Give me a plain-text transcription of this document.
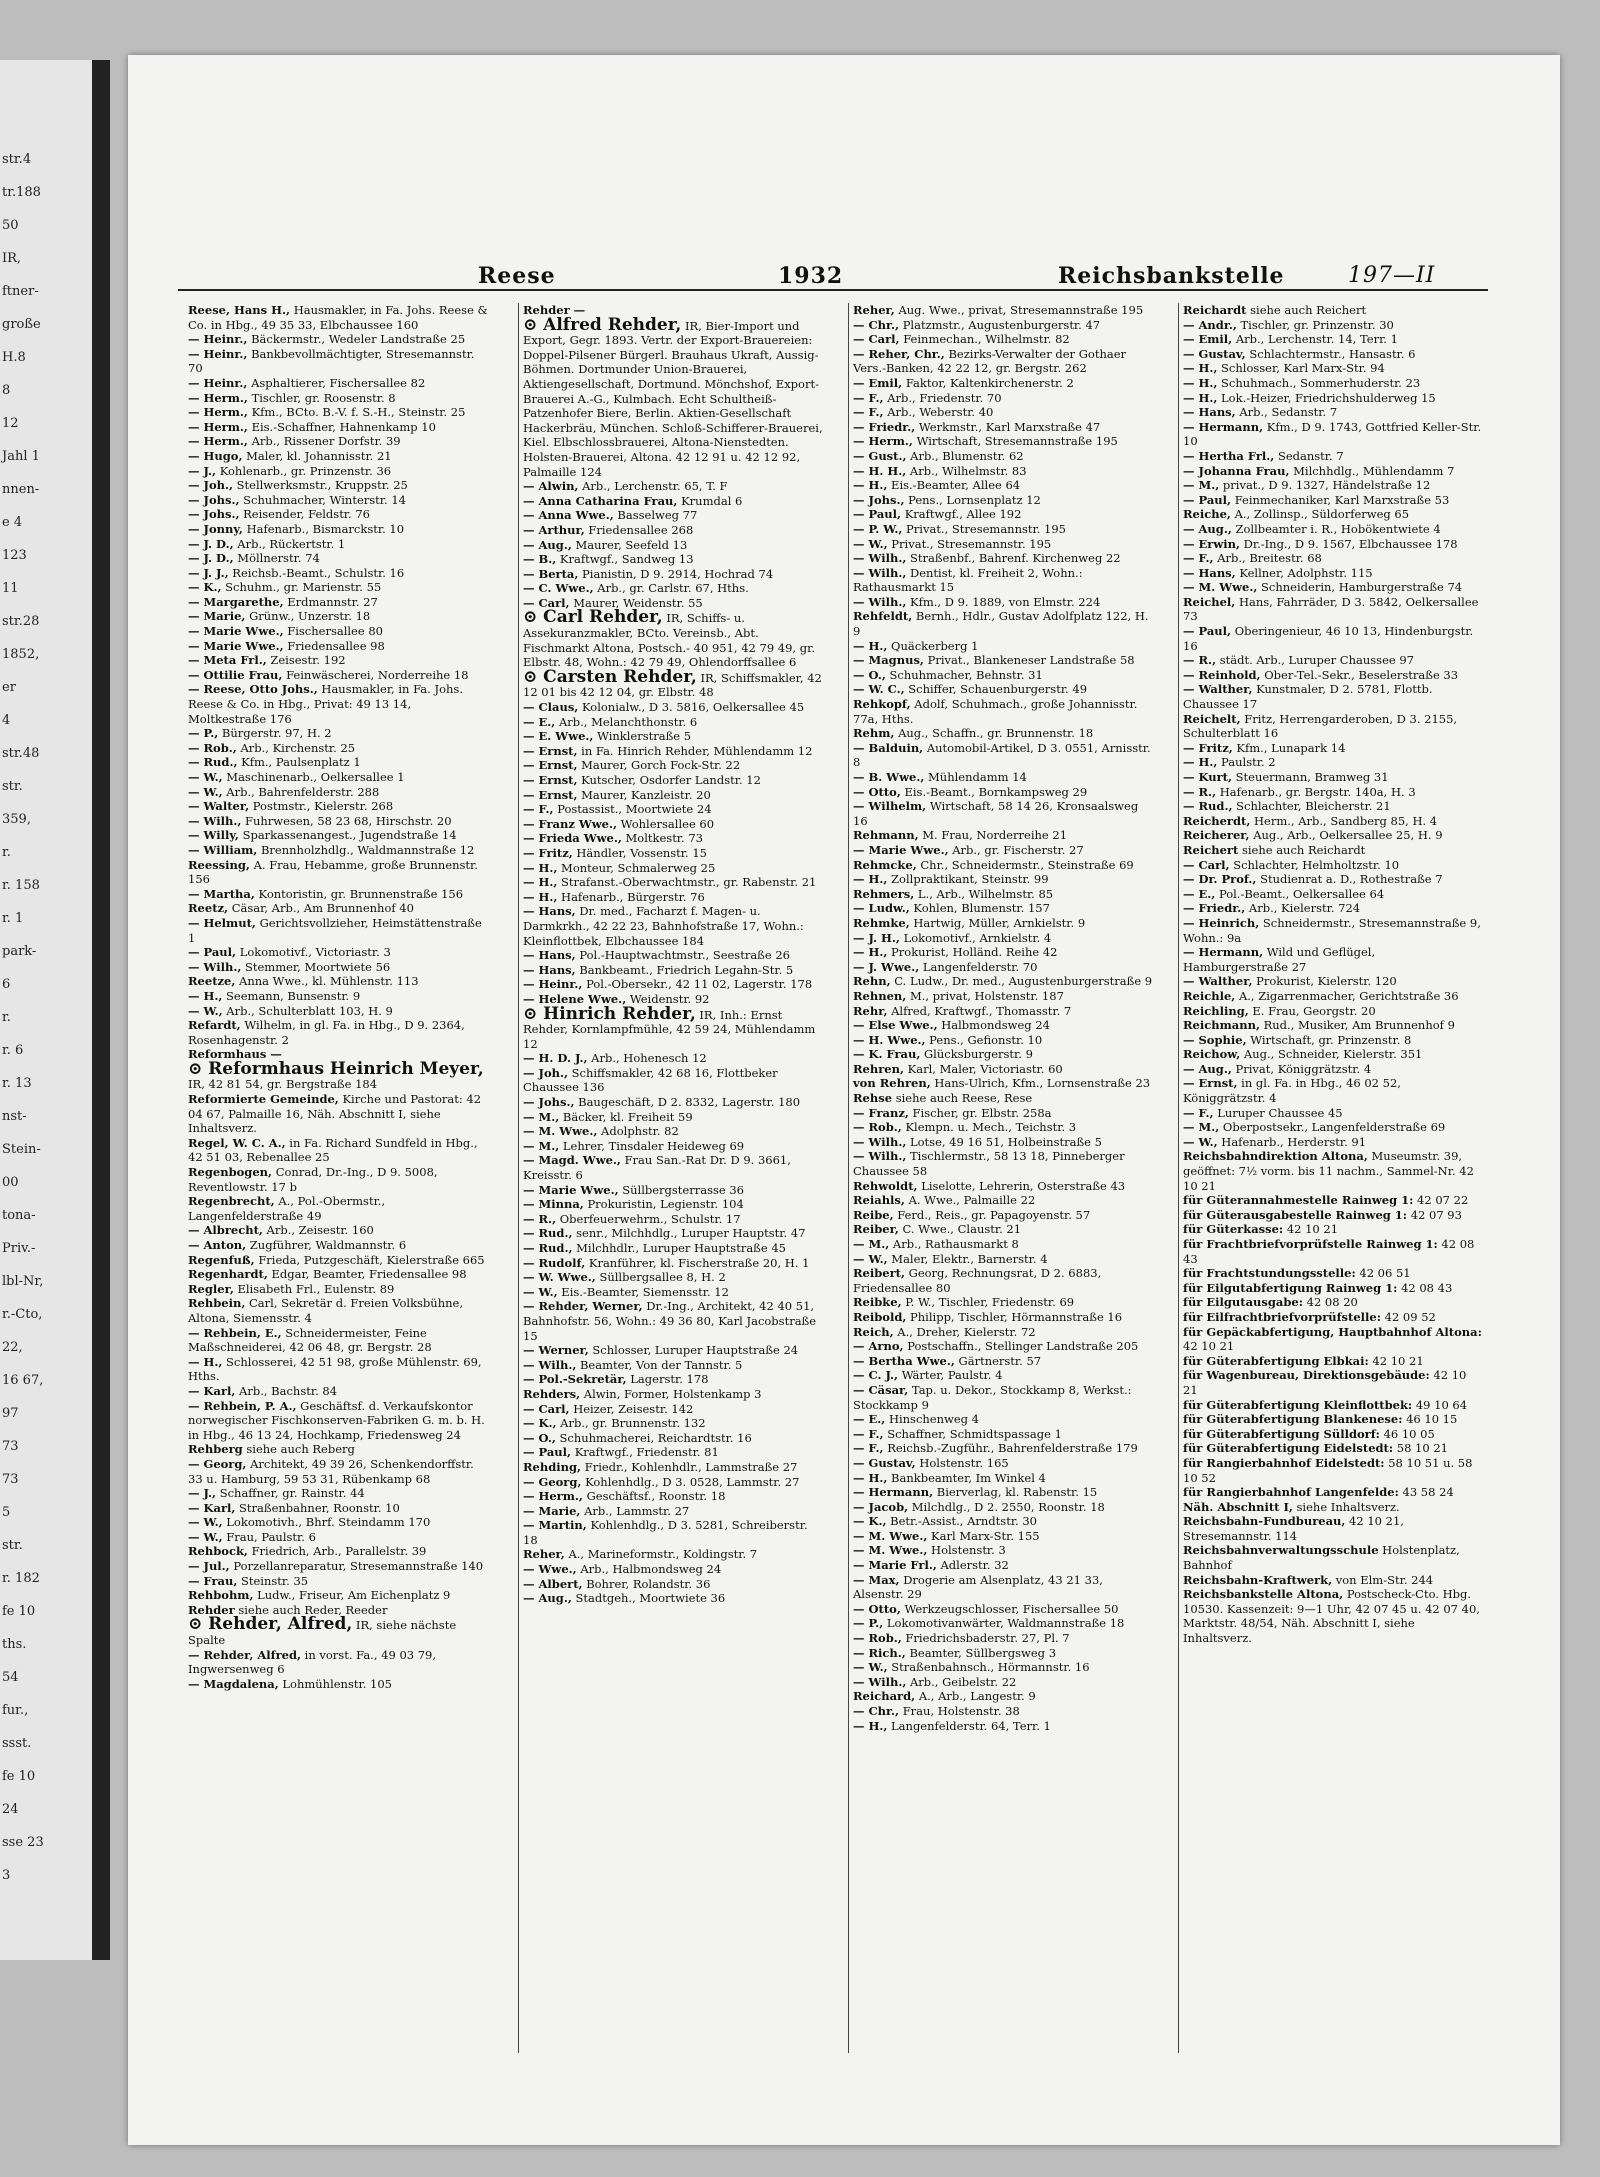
str.4
tr.188
50
IR,
ftner-
große
H.8
8
12
Jahl 1
nnen-
e 4
123
11
str.28
1852,
er
4
str.48
str.
359,
r.
r. 158
r. 1
park-
6
r.
r. 6
r. 13
nst-
Stein-
00
tona-
Priv.-
lbl-Nr,
r.-Cto,
22,
16 67,
97
73
73
5
str.
r. 182
fe 10
ths.
54
fur.,
ssst.
fe 10
24
sse 23
3
Reese	1932	Reichsbankstelle	197—II
Reese, Hans H., Hausmakler, in Fa. Johs. Reese & Co. in Hbg., 49 35 33, Elbchaussee 160
— Heinr., Bäckermstr., Wedeler Landstraße 25
— Heinr., Bankbevollmächtigter, Stresemannstr. 70
— Heinr., Asphaltierer, Fischersallee 82
— Herm., Tischler, gr. Roosenstr. 8
— Herm., Kfm., BCto. B.-V. f. S.-H., Steinstr. 25
— Herm., Eis.-Schaffner, Hahnenkamp 10
— Herm., Arb., Rissener Dorfstr. 39
— Hugo, Maler, kl. Johannisstr. 21
— J., Kohlenarb., gr. Prinzenstr. 36
— Joh., Stellwerksmstr., Kruppstr. 25
— Johs., Schuhmacher, Winterstr. 14
— Johs., Reisender, Feldstr. 76
— Jonny, Hafenarb., Bismarckstr. 10
— J. D., Arb., Rückertstr. 1
— J. D., Möllnerstr. 74
— J. J., Reichsb.-Beamt., Schulstr. 16
— K., Schuhm., gr. Marienstr. 55
— Margarethe, Erdmannstr. 27
— Marie, Grünw., Unzerstr. 18
— Marie Wwe., Fischersallee 80
— Marie Wwe., Friedensallee 98
— Meta Frl., Zeisestr. 192
— Ottilie Frau, Feinwäscherei, Norderreihe 18
— Reese, Otto Johs., Hausmakler, in Fa. Johs. Reese & Co. in Hbg., Privat: 49 13 14, Moltkestraße 176
— P., Bürgerstr. 97, H. 2
— Rob., Arb., Kirchenstr. 25
— Rud., Kfm., Paulsenplatz 1
— W., Maschinenarb., Oelkersallee 1
— W., Arb., Bahrenfelderstr. 288
— Walter, Postmstr., Kielerstr. 268
— Wilh., Fuhrwesen, 58 23 68, Hirschstr. 20
— Willy, Sparkassenangest., Jugendstraße 14
— William, Brennholzhdlg., Waldmannstraße 12
Reessing, A. Frau, Hebamme, große Brunnenstr. 156
— Martha, Kontoristin, gr. Brunnenstraße 156
Reetz, Cäsar, Arb., Am Brunnenhof 40
— Helmut, Gerichtsvollzieher, Heimstättenstraße 1
— Paul, Lokomotivf., Victoriastr. 3
— Wilh., Stemmer, Moortwiete 56
Reetze, Anna Wwe., kl. Mühlenstr. 113
— H., Seemann, Bunsenstr. 9
— W., Arb., Schulterblatt 103, H. 9
Refardt, Wilhelm, in gl. Fa. in Hbg., D 9. 2364, Rosenhagenstr. 2
Reformhaus —
⊙ Reformhaus Heinrich Meyer, IR, 42 81 54, gr. Bergstraße 184
Reformierte Gemeinde, Kirche und Pastorat: 42 04 67, Palmaille 16, Näh. Abschnitt I, siehe Inhaltsverz.
Regel, W. C. A., in Fa. Richard Sundfeld in Hbg., 42 51 03, Rebenallee 25
Regenbogen, Conrad, Dr.-Ing., D 9. 5008, Reventlowstr. 17 b
Regenbrecht, A., Pol.-Obermstr., Langenfelderstraße 49
— Albrecht, Arb., Zeisestr. 160
— Anton, Zugführer, Waldmannstr. 6
Regenfuß, Frieda, Putzgeschäft, Kielerstraße 665
Regenhardt, Edgar, Beamter, Friedensallee 98
Regler, Elisabeth Frl., Eulenstr. 89
Rehbein, Carl, Sekretär d. Freien Volksbühne, Altona, Siemensstr. 4
— Rehbein, E., Schneidermeister, Feine Maßschneiderei, 42 06 48, gr. Bergstr. 28
— H., Schlosserei, 42 51 98, große Mühlenstr. 69, Hths.
— Karl, Arb., Bachstr. 84
— Rehbein, P. A., Geschäftsf. d. Verkaufskontor norwegischer Fischkonserven-Fabriken G. m. b. H. in Hbg., 46 13 24, Hochkamp, Friedensweg 24
Rehberg siehe auch Reberg
— Georg, Architekt, 49 39 26, Schenkendorffstr. 33 u. Hamburg, 59 53 31, Rübenkamp 68
— J., Schaffner, gr. Rainstr. 44
— Karl, Straßenbahner, Roonstr. 10
— W., Lokomotivh., Bhrf. Steindamm 170
— W., Frau, Paulstr. 6
Rehbock, Friedrich, Arb., Parallelstr. 39
— Jul., Porzellanreparatur, Stresemannstraße 140
— Frau, Steinstr. 35
Rehbohm, Ludw., Friseur, Am Eichenplatz 9
Rehder siehe auch Reder, Reeder
⊙ Rehder, Alfred, IR, siehe nächste Spalte
— Rehder, Alfred, in vorst. Fa., 49 03 79, Ingwersenweg 6
— Magdalena, Lohmühlenstr. 105
Rehder —
⊙ Alfred Rehder, IR, Bier-Import und Export, Gegr. 1893. Vertr. der Export-Brauereien: Doppel-Pilsener Bürgerl. Brauhaus Ukraft, Aussig-Böhmen. Dortmunder Union-Brauerei, Aktiengesellschaft, Dortmund. Mönchshof, Export-Brauerei A.-G., Kulmbach. Echt Schultheiß-Patzenhofer Biere, Berlin. Aktien-Gesellschaft Hackerbräu, München. Schloß-Schifferer-Brauerei, Kiel. Elbschlossbrauerei, Altona-Nienstedten. Holsten-Brauerei, Altona. 42 12 91 u. 42 12 92, Palmaille 124
— Alwin, Arb., Lerchenstr. 65, T. F
— Anna Catharina Frau, Krumdal 6
— Anna Wwe., Basselweg 77
— Arthur, Friedensallee 268
— Aug., Maurer, Seefeld 13
— B., Kraftwgf., Sandweg 13
— Berta, Pianistin, D 9. 2914, Hochrad 74
— C. Wwe., Arb., gr. Carlstr. 67, Hths.
— Carl, Maurer, Weidenstr. 55
⊙ Carl Rehder, IR, Schiffs- u. Assekuranzmakler, BCto. Vereinsb., Abt. Fischmarkt Altona, Postsch.- 40 951, 42 79 49, gr. Elbstr. 48, Wohn.: 42 79 49, Ohlendorffsallee 6
⊙ Carsten Rehder, IR, Schiffsmakler, 42 12 01 bis 42 12 04, gr. Elbstr. 48
— Claus, Kolonialw., D 3. 5816, Oelkersallee 45
— E., Arb., Melanchthonstr. 6
— E. Wwe., Winklerstraße 5
— Ernst, in Fa. Hinrich Rehder, Mühlendamm 12
— Ernst, Maurer, Gorch Fock-Str. 22
— Ernst, Kutscher, Osdorfer Landstr. 12
— Ernst, Maurer, Kanzleistr. 20
— F., Postassist., Moortwiete 24
— Franz Wwe., Wohlersallee 60
— Frieda Wwe., Moltkestr. 73
— Fritz, Händler, Vossenstr. 15
— H., Monteur, Schmalerweg 25
— H., Strafanst.-Oberwachtmstr., gr. Rabenstr. 21
— H., Hafenarb., Bürgerstr. 76
— Hans, Dr. med., Facharzt f. Magen- u. Darmkrkh., 42 22 23, Bahnhofstraße 17, Wohn.: Kleinflottbek, Elbchaussee 184
— Hans, Pol.-Hauptwachtmstr., Seestraße 26
— Hans, Bankbeamt., Friedrich Legahn-Str. 5
— Heinr., Pol.-Obersekr., 42 11 02, Lagerstr. 178
— Helene Wwe., Weidenstr. 92
⊙ Hinrich Rehder, IR, Inh.: Ernst Rehder, Kornlampfmühle, 42 59 24, Mühlendamm 12
— H. D. J., Arb., Hohenesch 12
— Joh., Schiffsmakler, 42 68 16, Flottbeker Chaussee 136
— Johs., Baugeschäft, D 2. 8332, Lagerstr. 180
— M., Bäcker, kl. Freiheit 59
— M. Wwe., Adolphstr. 82
— M., Lehrer, Tinsdaler Heideweg 69
— Magd. Wwe., Frau San.-Rat Dr. D 9. 3661, Kreisstr. 6
— Marie Wwe., Süllbergsterrasse 36
— Minna, Prokuristin, Legienstr. 104
— R., Oberfeuerwehrm., Schulstr. 17
— Rud., senr., Milchhdlg., Luruper Hauptstr. 47
— Rud., Milchhdlr., Luruper Hauptstraße 45
— Rudolf, Kranführer, kl. Fischerstraße 20, H. 1
— W. Wwe., Süllbergsallee 8, H. 2
— W., Eis.-Beamter, Siemensstr. 12
— Rehder, Werner, Dr.-Ing., Architekt, 42 40 51, Bahnhofstr. 56, Wohn.: 49 36 80, Karl Jacobstraße 15
— Werner, Schlosser, Luruper Hauptstraße 24
— Wilh., Beamter, Von der Tannstr. 5
— Pol.-Sekretär, Lagerstr. 178
Rehders, Alwin, Former, Holstenkamp 3
— Carl, Heizer, Zeisestr. 142
— K., Arb., gr. Brunnenstr. 132
— O., Schuhmacherei, Reichardtstr. 16
— Paul, Kraftwgf., Friedenstr. 81
Rehding, Friedr., Kohlenhdlr., Lammstraße 27
— Georg, Kohlenhdlg., D 3. 0528, Lammstr. 27
— Herm., Geschäftsf., Roonstr. 18
— Marie, Arb., Lammstr. 27
— Martin, Kohlenhdlg., D 3. 5281, Schreiberstr. 18
Reher, A., Marineformstr., Koldingstr. 7
— Wwe., Arb., Halbmondsweg 24
— Albert, Bohrer, Rolandstr. 36
— Aug., Stadtgeh., Moortwiete 36
Reher, Aug. Wwe., privat, Stresemannstraße 195
— Chr., Platzmstr., Augustenburgerstr. 47
— Carl, Feinmechan., Wilhelmstr. 82
— Reher, Chr., Bezirks-Verwalter der Gothaer Vers.-Banken, 42 22 12, gr. Bergstr. 262
— Emil, Faktor, Kaltenkirchenerstr. 2
— F., Arb., Friedenstr. 70
— F., Arb., Weberstr. 40
— Friedr., Werkmstr., Karl Marxstraße 47
— Herm., Wirtschaft, Stresemannstraße 195
— Gust., Arb., Blumenstr. 62
— H. H., Arb., Wilhelmstr. 83
— H., Eis.-Beamter, Allee 64
— Johs., Pens., Lornsenplatz 12
— Paul, Kraftwgf., Allee 192
— P. W., Privat., Stresemannstr. 195
— W., Privat., Stresemannstr. 195
— Wilh., Straßenbf., Bahrenf. Kirchenweg 22
— Wilh., Dentist, kl. Freiheit 2, Wohn.: Rathausmarkt 15
— Wilh., Kfm., D 9. 1889, von Elmstr. 224
Rehfeldt, Bernh., Hdlr., Gustav Adolfplatz 122, H. 9
— H., Quäckerberg 1
— Magnus, Privat., Blankeneser Landstraße 58
— O., Schuhmacher, Behnstr. 31
— W. C., Schiffer, Schauenburgerstr. 49
Rehkopf, Adolf, Schuhmach., große Johannisstr. 77a, Hths.
Rehm, Aug., Schaffn., gr. Brunnenstr. 18
— Balduin, Automobil-Artikel, D 3. 0551, Arnisstr. 8
— B. Wwe., Mühlendamm 14
— Otto, Eis.-Beamt., Bornkampsweg 29
— Wilhelm, Wirtschaft, 58 14 26, Kronsaalsweg 16
Rehmann, M. Frau, Norderreihe 21
— Marie Wwe., Arb., gr. Fischerstr. 27
Rehmcke, Chr., Schneidermstr., Steinstraße 69
— H., Zollpraktikant, Steinstr. 99
Rehmers, L., Arb., Wilhelmstr. 85
— Ludw., Kohlen, Blumenstr. 157
Rehmke, Hartwig, Müller, Arnkielstr. 9
— J. H., Lokomotivf., Arnkielstr. 4
— H., Prokurist, Holländ. Reihe 42
— J. Wwe., Langenfelderstr. 70
Rehn, C. Ludw., Dr. med., Augustenburgerstraße 9
Rehnen, M., privat, Holstenstr. 187
Rehr, Alfred, Kraftwgf., Thomasstr. 7
— Else Wwe., Halbmondsweg 24
— H. Wwe., Pens., Gefionstr. 10
— K. Frau, Glücksburgerstr. 9
Rehren, Karl, Maler, Victoriastr. 60
von Rehren, Hans-Ulrich, Kfm., Lornsenstraße 23
Rehse siehe auch Reese, Rese
— Franz, Fischer, gr. Elbstr. 258a
— Rob., Klempn. u. Mech., Teichstr. 3
— Wilh., Lotse, 49 16 51, Holbeinstraße 5
— Wilh., Tischlermstr., 58 13 18, Pinneberger Chaussee 58
Rehwoldt, Liselotte, Lehrerin, Osterstraße 43
Reiahls, A. Wwe., Palmaille 22
Reibe, Ferd., Reis., gr. Papagoyenstr. 57
Reiber, C. Wwe., Claustr. 21
— M., Arb., Rathausmarkt 8
— W., Maler, Elektr., Barnerstr. 4
Reibert, Georg, Rechnungsrat, D 2. 6883, Friedensallee 80
Reibke, P. W., Tischler, Friedenstr. 69
Reibold, Philipp, Tischler, Hörmannstraße 16
Reich, A., Dreher, Kielerstr. 72
— Arno, Postschaffn., Stellinger Landstraße 205
— Bertha Wwe., Gärtnerstr. 57
— C. J., Wärter, Paulstr. 4
— Cäsar, Tap. u. Dekor., Stockkamp 8, Werkst.: Stockkamp 9
— E., Hinschenweg 4
— F., Schaffner, Schmidtspassage 1
— F., Reichsb.-Zugführ., Bahrenfelderstraße 179
— Gustav, Holstenstr. 165
— H., Bankbeamter, Im Winkel 4
— Hermann, Bierverlag, kl. Rabenstr. 15
— Jacob, Milchdlg., D 2. 2550, Roonstr. 18
— K., Betr.-Assist., Arndtstr. 30
— M. Wwe., Karl Marx-Str. 155
— M. Wwe., Holstenstr. 3
— Marie Frl., Adlerstr. 32
— Max, Drogerie am Alsenplatz, 43 21 33, Alsenstr. 29
— Otto, Werkzeugschlosser, Fischersallee 50
— P., Lokomotivanwärter, Waldmannstraße 18
— Rob., Friedrichsbaderstr. 27, Pl. 7
— Rich., Beamter, Süllbergsweg 3
— W., Straßenbahnsch., Hörmannstr. 16
— Wilh., Arb., Geibelstr. 22
Reichard, A., Arb., Langestr. 9
— Chr., Frau, Holstenstr. 38
— H., Langenfelderstr. 64, Terr. 1
Reichardt siehe auch Reichert
— Andr., Tischler, gr. Prinzenstr. 30
— Emil, Arb., Lerchenstr. 14, Terr. 1
— Gustav, Schlachtermstr., Hansastr. 6
— H., Schlosser, Karl Marx-Str. 94
— H., Schuhmach., Sommerhuderstr. 23
— H., Lok.-Heizer, Friedrichshulderweg 15
— Hans, Arb., Sedanstr. 7
— Hermann, Kfm., D 9. 1743, Gottfried Keller-Str. 10
— Hertha Frl., Sedanstr. 7
— Johanna Frau, Milchhdlg., Mühlendamm 7
— M., privat., D 9. 1327, Händelstraße 12
— Paul, Feinmechaniker, Karl Marxstraße 53
Reiche, A., Zollinsp., Süldorferweg 65
— Aug., Zollbeamter i. R., Hobökentwiete 4
— Erwin, Dr.-Ing., D 9. 1567, Elbchaussee 178
— F., Arb., Breitestr. 68
— Hans, Kellner, Adolphstr. 115
— M. Wwe., Schneiderin, Hamburgerstraße 74
Reichel, Hans, Fahrräder, D 3. 5842, Oelkersallee 73
— Paul, Oberingenieur, 46 10 13, Hindenburgstr. 16
— R., städt. Arb., Luruper Chaussee 97
— Reinhold, Ober-Tel.-Sekr., Beselerstraße 33
— Walther, Kunstmaler, D 2. 5781, Flottb. Chaussee 17
Reichelt, Fritz, Herrengarderoben, D 3. 2155, Schulterblatt 16
— Fritz, Kfm., Lunapark 14
— H., Paulstr. 2
— Kurt, Steuermann, Bramweg 31
— R., Hafenarb., gr. Bergstr. 140a, H. 3
— Rud., Schlachter, Bleicherstr. 21
Reicherdt, Herm., Arb., Sandberg 85, H. 4
Reicherer, Aug., Arb., Oelkersallee 25, H. 9
Reichert siehe auch Reichardt
— Carl, Schlachter, Helmholtzstr. 10
— Dr. Prof., Studienrat a. D., Rothestraße 7
— E., Pol.-Beamt., Oelkersallee 64
— Friedr., Arb., Kielerstr. 724
— Heinrich, Schneidermstr., Stresemannstraße 9, Wohn.: 9a
— Hermann, Wild und Geflügel, Hamburgerstraße 27
— Walther, Prokurist, Kielerstr. 120
Reichle, A., Zigarrenmacher, Gerichtstraße 36
Reichling, E. Frau, Georgstr. 20
Reichmann, Rud., Musiker, Am Brunnenhof 9
— Sophie, Wirtschaft, gr. Prinzenstr. 8
Reichow, Aug., Schneider, Kielerstr. 351
— Aug., Privat, Königgrätzstr. 4
— Ernst, in gl. Fa. in Hbg., 46 02 52, Königgrätzstr. 4
— F., Luruper Chaussee 45
— M., Oberpostsekr., Langenfelderstraße 69
— W., Hafenarb., Herderstr. 91
Reichsbahndirektion Altona, Museumstr. 39, geöffnet: 7½ vorm. bis 11 nachm., Sammel-Nr. 42 10 21
für Güterannahmestelle Rainweg 1: 42 07 22
für Güterausgabestelle Rainweg 1: 42 07 93
für Güterkasse: 42 10 21
für Frachtbriefvorprüfstelle Rainweg 1: 42 08 43
für Frachtstundungsstelle: 42 06 51
für Eilgutabfertigung Rainweg 1: 42 08 43
für Eilgutausgabe: 42 08 20
für Eilfrachtbriefvorprüfstelle: 42 09 52
für Gepäckabfertigung, Hauptbahnhof Altona: 42 10 21
für Güterabfertigung Elbkai: 42 10 21
für Wagenbureau, Direktionsgebäude: 42 10 21
für Güterabfertigung Kleinflottbek: 49 10 64
für Güterabfertigung Blankenese: 46 10 15
für Güterabfertigung Sülldorf: 46 10 05
für Güterabfertigung Eidelstedt: 58 10 21
für Rangierbahnhof Eidelstedt: 58 10 51 u. 58 10 52
für Rangierbahnhof Langenfelde: 43 58 24
Näh. Abschnitt I, siehe Inhaltsverz.
Reichsbahn-Fundbureau, 42 10 21, Stresemannstr. 114
Reichsbahnverwaltungsschule Holstenplatz, Bahnhof
Reichsbahn-Kraftwerk, von Elm-Str. 244
Reichsbankstelle Altona, Postscheck-Cto. Hbg. 10530. Kassenzeit: 9—1 Uhr, 42 07 45 u. 42 07 40, Marktstr. 48/54, Näh. Abschnitt I, siehe Inhaltsverz.
